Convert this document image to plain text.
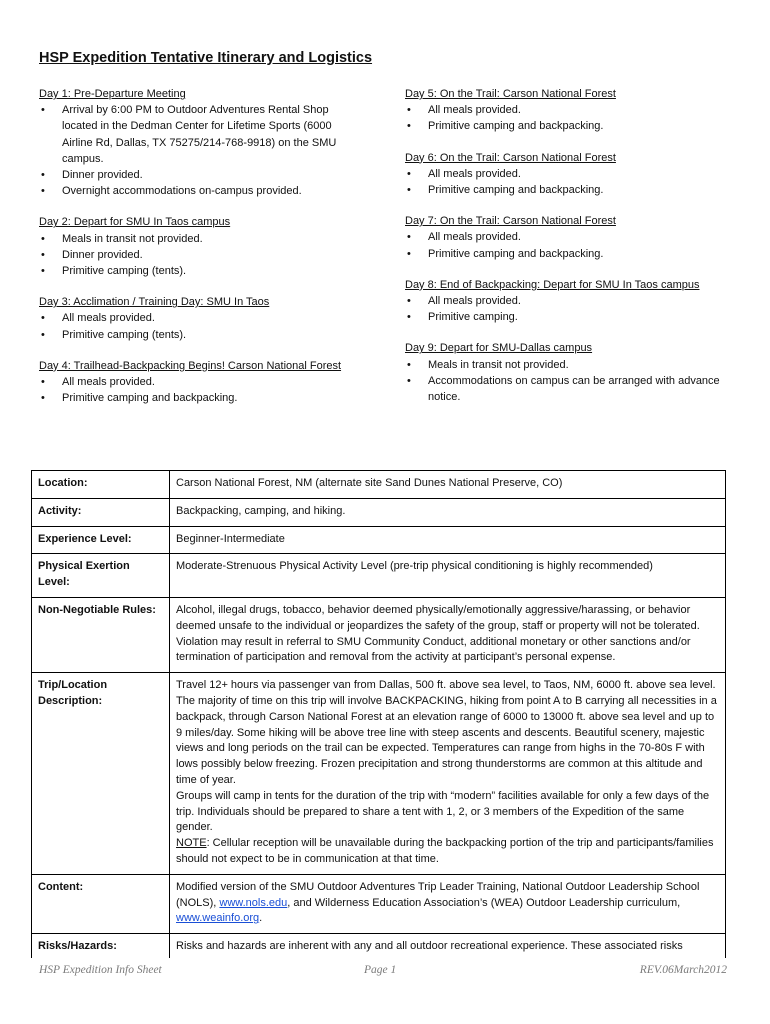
HSP Expedition Tentative Itinerary and Logistics
Day 1: Pre-Departure Meeting
• Arrival by 6:00 PM to Outdoor Adventures Rental Shop located in the Dedman Center for Lifetime Sports (6000 Airline Rd, Dallas, TX 75275/214-768-9918) on the SMU campus.
• Dinner provided.
• Overnight accommodations on-campus provided.
Day 2: Depart for SMU In Taos campus
• Meals in transit not provided.
• Dinner provided.
• Primitive camping (tents).
Day 3: Acclimation / Training Day: SMU In Taos
• All meals provided.
• Primitive camping (tents).
Day 4: Trailhead-Backpacking Begins! Carson National Forest
• All meals provided.
• Primitive camping and backpacking.
Day 5: On the Trail: Carson National Forest
• All meals provided.
• Primitive camping and backpacking.
Day 6: On the Trail: Carson National Forest
• All meals provided.
• Primitive camping and backpacking.
Day 7: On the Trail: Carson National Forest
• All meals provided.
• Primitive camping and backpacking.
Day 8: End of Backpacking: Depart for SMU In Taos campus
• All meals provided.
• Primitive camping.
Day 9: Depart for SMU-Dallas campus
• Meals in transit not provided.
• Accommodations on campus can be arranged with advance notice.
Location:	Carson National Forest, NM (alternate site Sand Dunes National Preserve, CO)
Activity:	Backpacking, camping, and hiking.
Experience Level:	Beginner-Intermediate
Physical Exertion Level:	Moderate-Strenuous Physical Activity Level (pre-trip physical conditioning is highly recommended)
Non-Negotiable Rules:	Alcohol, illegal drugs, tobacco, behavior deemed physically/emotionally aggressive/harassing, or behavior deemed unsafe to the individual or jeopardizes the safety of the group, staff or property will not be tolerated. Violation may result in referral to SMU Community Conduct, additional monetary or other sanctions and/or termination of participation and removal from the activity at participant’s personal expense.
Trip/Location Description:	Travel 12+ hours via passenger van from Dallas, 500 ft. above sea level, to Taos, NM, 6000 ft. above sea level. The majority of time on this trip will involve BACKPACKING, hiking from point A to B carrying all necessities in a backpack, through Carson National Forest at an elevation range of 6000 to 13000 ft. above sea level and up to 9 miles/day. Some hiking will be above tree line with steep ascents and descents. Beautiful scenery, majestic views and long periods on the trail can be expected. Temperatures can range from highs in the 70-80s F with lows possibly below freezing. Frozen precipitation and strong thunderstorms are common at this altitude and time of year.
Groups will camp in tents for the duration of the trip with “modern” facilities available for only a few days of the trip. Individuals should be prepared to share a tent with 1, 2, or 3 members of the Expedition of the same gender.
NOTE: Cellular reception will be unavailable during the backpacking portion of the trip and participants/families should not expect to be in communication at that time.

Content:	Modified version of the SMU Outdoor Adventures Trip Leader Training, National Outdoor Leadership School (NOLS), www.nols.edu, and Wilderness Education Association’s (WEA) Outdoor Leadership curriculum, www.weainfo.org.
Risks/Hazards:	Risks and hazards are inherent with any and all outdoor recreational experience. These associated risks
HSP Expedition Info Sheet	Page 1	REV.06March2012
